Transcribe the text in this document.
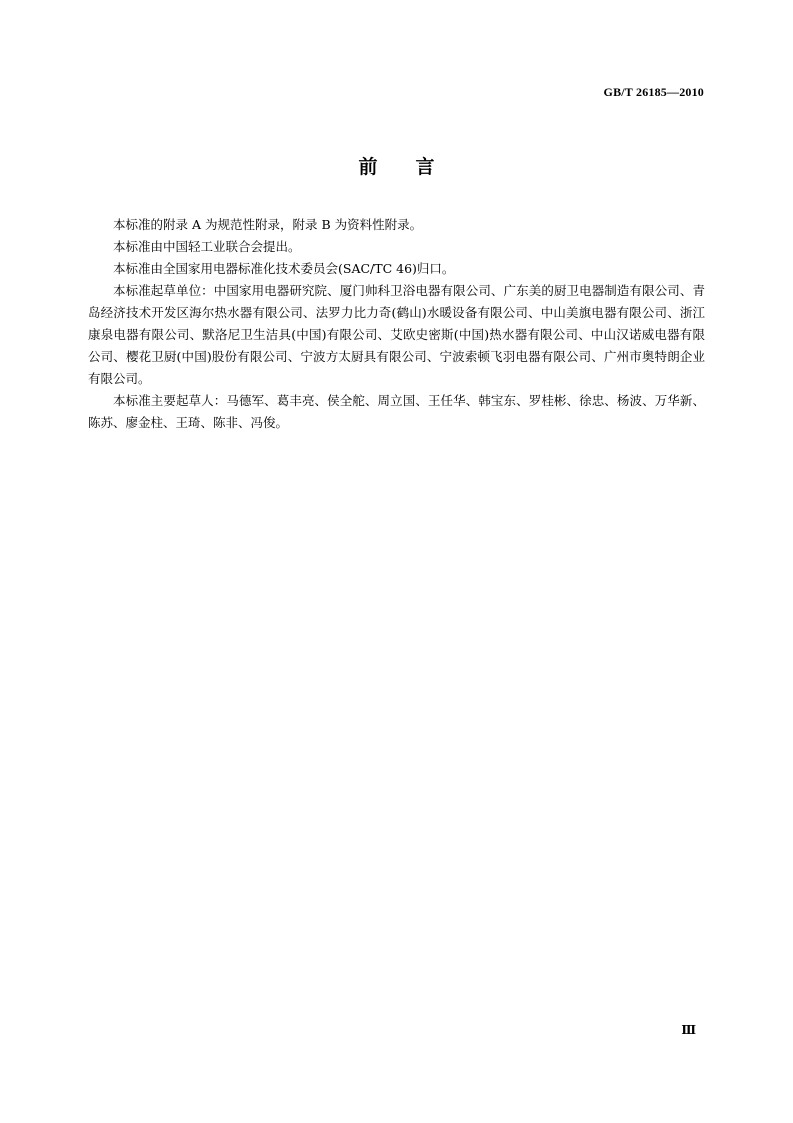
GB/T 26185—2010
前言

本标准的附录 A 为规范性附录，附录 B 为资料性附录。

本标准由中国轻工业联合会提出。

本标准由全国家用电器标准化技术委员会(SAC/TC 46)归口。

本标准起草单位：中国家用电器研究院、厦门帅科卫浴电器有限公司、广东美的厨卫电器制造有限公司、青岛经济技术开发区海尔热水器有限公司、法罗力比力奇(鹤山)水暖设备有限公司、中山美旗电器有限公司、浙江康泉电器有限公司、默洛尼卫生洁具(中国)有限公司、艾欧史密斯(中国)热水器有限公司、中山汉诺威电器有限公司、樱花卫厨(中国)股份有限公司、宁波方太厨具有限公司、宁波索顿飞羽电器有限公司、广州市奥特朗企业有限公司。

本标准主要起草人：马德军、葛丰亮、侯全舵、周立国、王任华、韩宝东、罗桂彬、徐忠、杨波、万华新、陈苏、廖金柱、王琦、陈非、冯俊。

Ⅲ
